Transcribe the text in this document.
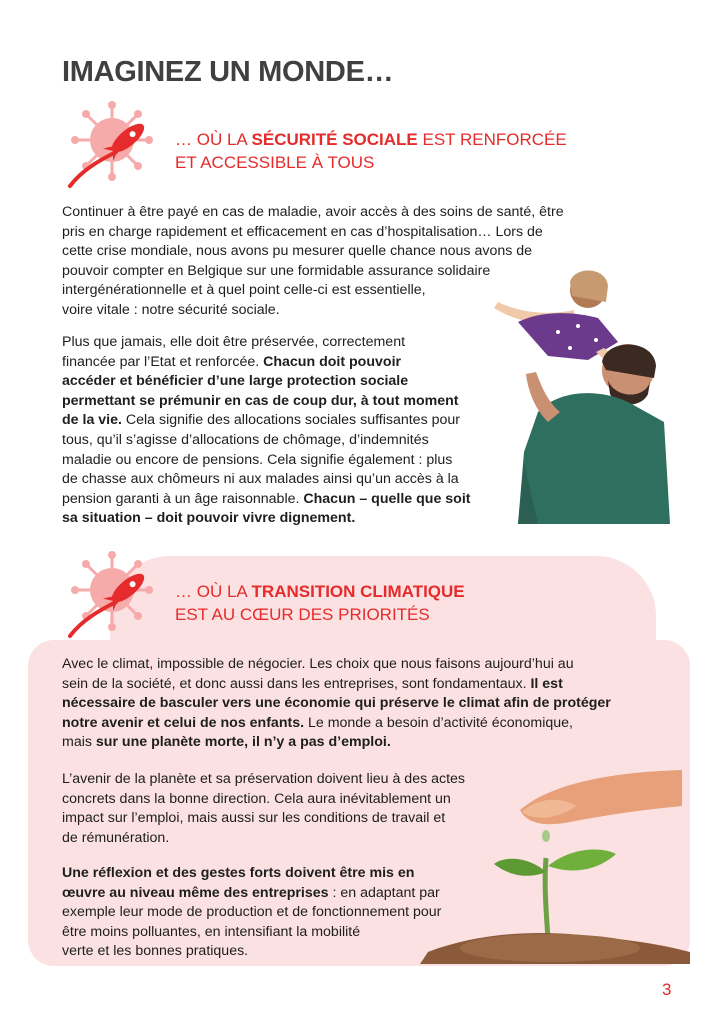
IMAGINEZ UN MONDE…
… OÙ LA SÉCURITÉ SOCIALE EST RENFORCÉE
ET ACCESSIBLE À TOUS
Continuer à être payé en cas de maladie, avoir accès à des soins de santé, être
pris en charge rapidement et efficacement en cas d’hospitalisation… Lors de
cette crise mondiale, nous avons pu mesurer quelle chance nous avons de
pouvoir compter en Belgique sur une formidable assurance solidaire
intergénérationnelle et à quel point celle-ci est essentielle,
voire vitale : notre sécurité sociale.
Plus que jamais, elle doit être préservée, correctement
financée par l’Etat et renforcée. Chacun doit pouvoir
accéder et bénéficier d’une large protection sociale
permettant se prémunir en cas de coup dur, à tout moment
de la vie. Cela signifie des allocations sociales suffisantes pour
tous, qu’il s’agisse d’allocations de chômage, d’indemnités
maladie ou encore de pensions. Cela signifie également : plus
de chasse aux chômeurs ni aux malades ainsi qu’un accès à la
pension garanti à un âge raisonnable. Chacun – quelle que soit
sa situation – doit pouvoir vivre dignement.
… OÙ LA TRANSITION CLIMATIQUE
EST AU CŒUR DES PRIORITÉS
Avec le climat, impossible de négocier. Les choix que nous faisons aujourd’hui au
sein de la société, et donc aussi dans les entreprises, sont fondamentaux. Il est
nécessaire de basculer vers une économie qui préserve le climat afin de protéger
notre avenir et celui de nos enfants. Le monde a besoin d’activité économique,
mais sur une planète morte, il n’y a pas d’emploi.
L’avenir de la planète et sa préservation doivent lieu à des actes
concrets dans la bonne direction. Cela aura inévitablement un
impact sur l’emploi, mais aussi sur les conditions de travail et
de rémunération.
Une réflexion et des gestes forts doivent être mis en
œuvre au niveau même des entreprises : en adaptant par
exemple leur mode de production et de fonctionnement pour
être moins polluantes, en intensifiant la mobilité
verte et les bonnes pratiques.
3
